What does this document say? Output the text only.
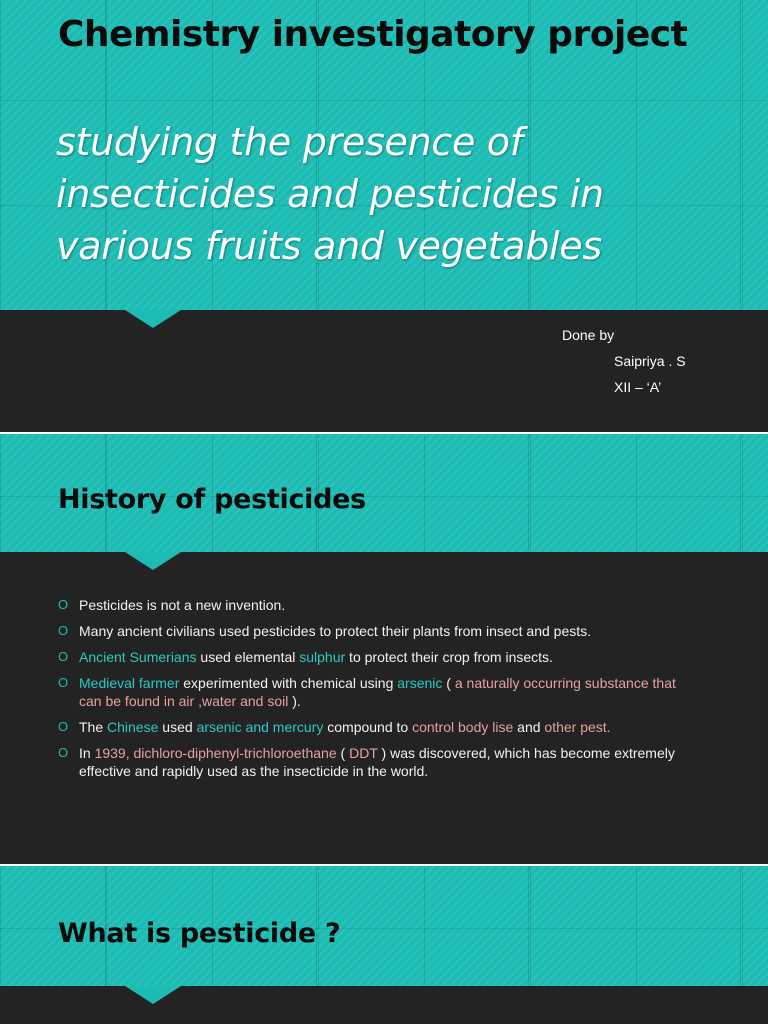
Chemistry investigatory project
studying the presence of insecticides and pesticides in various fruits and vegetables
Done by
Saipriya . S
XII – ‘A’
History of pesticides
O Pesticides is not a new invention.
O Many ancient civilians used pesticides to protect their plants from insect and pests.
O Ancient Sumerians used elemental sulphur to protect their crop from insects.
O Medieval farmer experimented with chemical using arsenic ( a naturally occurring substance that can be found in air ,water and soil ).
O The Chinese used arsenic and mercury compound to control body lise and other pest.
O In 1939, dichloro-diphenyl-trichloroethane ( DDT ) was discovered, which has become extremely effective and rapidly used as the insecticide in the world.
What is pesticide ?
